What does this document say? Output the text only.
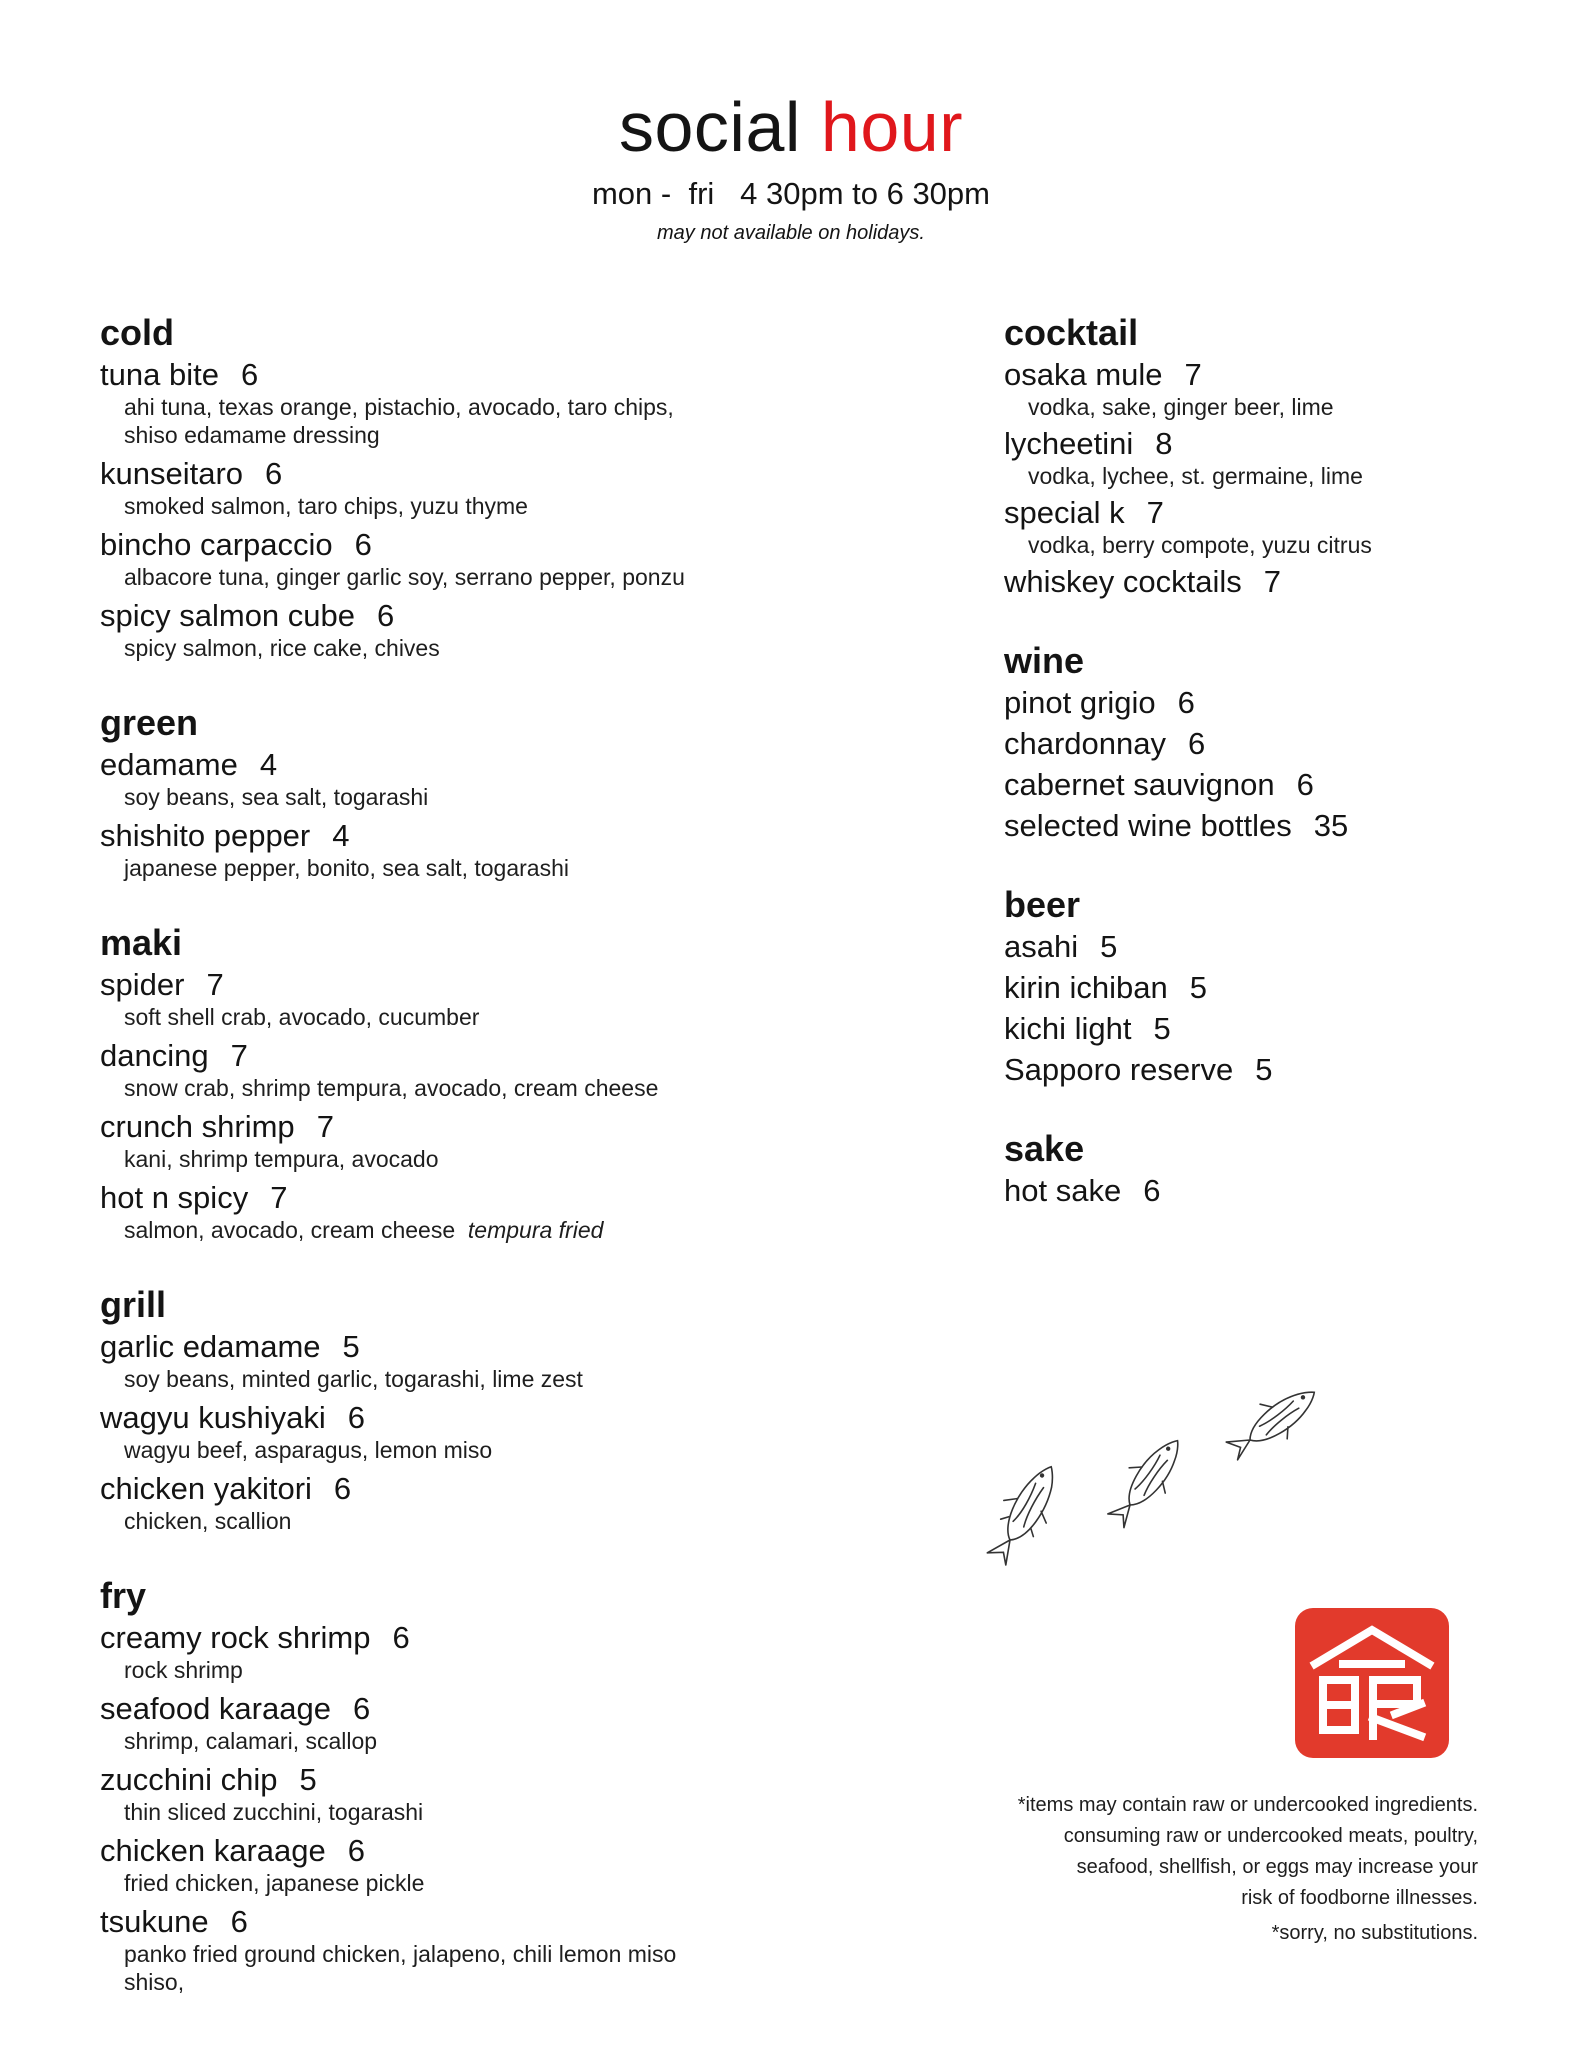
social hour
mon -  fri   4 30pm to 6 30pm
may not available on holidays.
cold
tuna bite 6
ahi tuna, texas orange, pistachio, avocado, taro chips,
shiso edamame dressing
kunseitaro 6
smoked salmon, taro chips, yuzu thyme
bincho carpaccio 6
albacore tuna, ginger garlic soy, serrano pepper, ponzu
spicy salmon cube 6
spicy salmon, rice cake, chives
green
edamame 4
soy beans, sea salt, togarashi
shishito pepper 4
japanese pepper, bonito, sea salt, togarashi
maki
spider 7
soft shell crab, avocado, cucumber
dancing 7
snow crab, shrimp tempura, avocado, cream cheese
crunch shrimp 7
kani, shrimp tempura, avocado
hot n spicy 7
salmon, avocado, cream cheese tempura fried
grill
garlic edamame 5
soy beans, minted garlic, togarashi, lime zest
wagyu kushiyaki 6
wagyu beef, asparagus, lemon miso
chicken yakitori 6
chicken, scallion
fry
creamy rock shrimp 6
rock shrimp
seafood karaage 6
shrimp, calamari, scallop
zucchini chip 5
thin sliced zucchini, togarashi
chicken karaage 6
fried chicken, japanese pickle
tsukune 6
panko fried ground chicken, jalapeno, chili lemon miso
shiso,
cocktail
osaka mule 7
vodka, sake, ginger beer, lime
lycheetini 8
vodka, lychee, st. germaine, lime
special k 7
vodka, berry compote, yuzu citrus
whiskey cocktails 7
wine
pinot grigio 6
chardonnay 6
cabernet sauvignon 6
selected wine bottles 35
beer
asahi 5
kirin ichiban 5
kichi light 5
Sapporo reserve 5
sake
hot sake 6
*items may contain raw or undercooked ingredients.
consuming raw or undercooked meats, poultry,
seafood, shellfish, or eggs may increase your
risk of foodborne illnesses.
*sorry, no substitutions.
